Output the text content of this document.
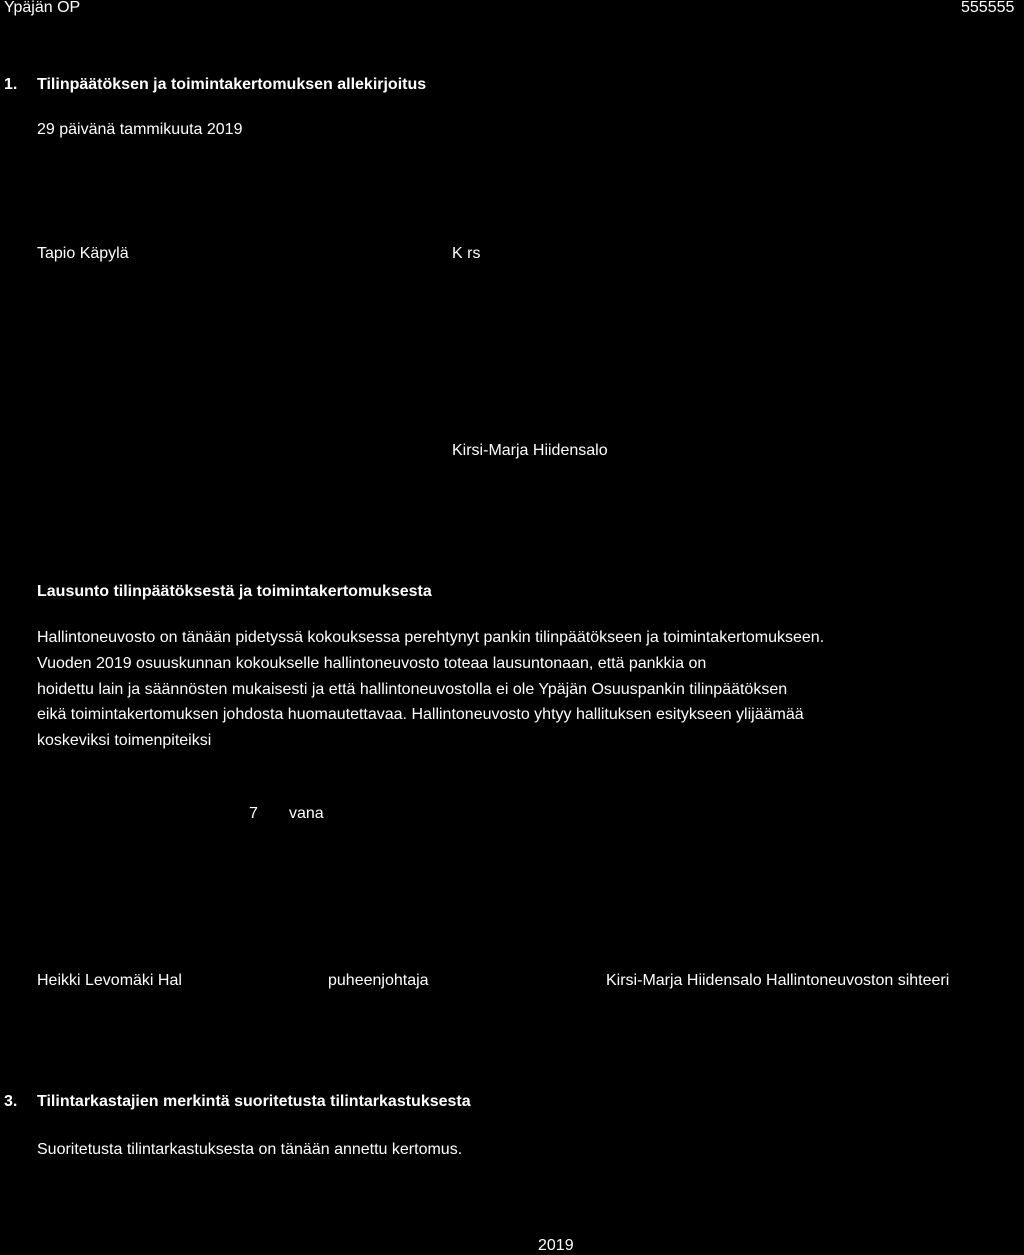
Ypäjän OP	555555
1. Tilinpäätöksen ja toimintakertomuksen allekirjoitus
29 päivänä tammikuuta 2019
Tapio Käpylä	K rs
Kirsi-Marja Hiidensalo
Lausunto tilinpäätöksestä ja toimintakertomuksesta
Hallintoneuvosto on tänään pidetyssä kokouksessa perehtynyt pankin tilinpäätökseen ja toimintakertomukseen.
Vuoden 2019 osuuskunnan kokoukselle hallintoneuvosto toteaa lausuntonaan, että pankkia on
hoidettu lain ja säännösten mukaisesti ja että hallintoneuvostolla ei ole Ypäjän Osuuspankin tilinpäätöksen
eikä toimintakertomuksen johdosta huomautettavaa. Hallintoneuvosto yhtyy hallituksen esitykseen ylijäämää
koskeviksi toimenpiteiksi
7 vana
Heikki Levomäki Hal	puheenjohtaja	Kirsi-Marja Hiidensalo Hallintoneuvoston sihteeri
3. Tilintarkastajien merkintä suoritetusta tilintarkastuksesta
Suoritetusta tilintarkastuksesta on tänään annettu kertomus.
2019
